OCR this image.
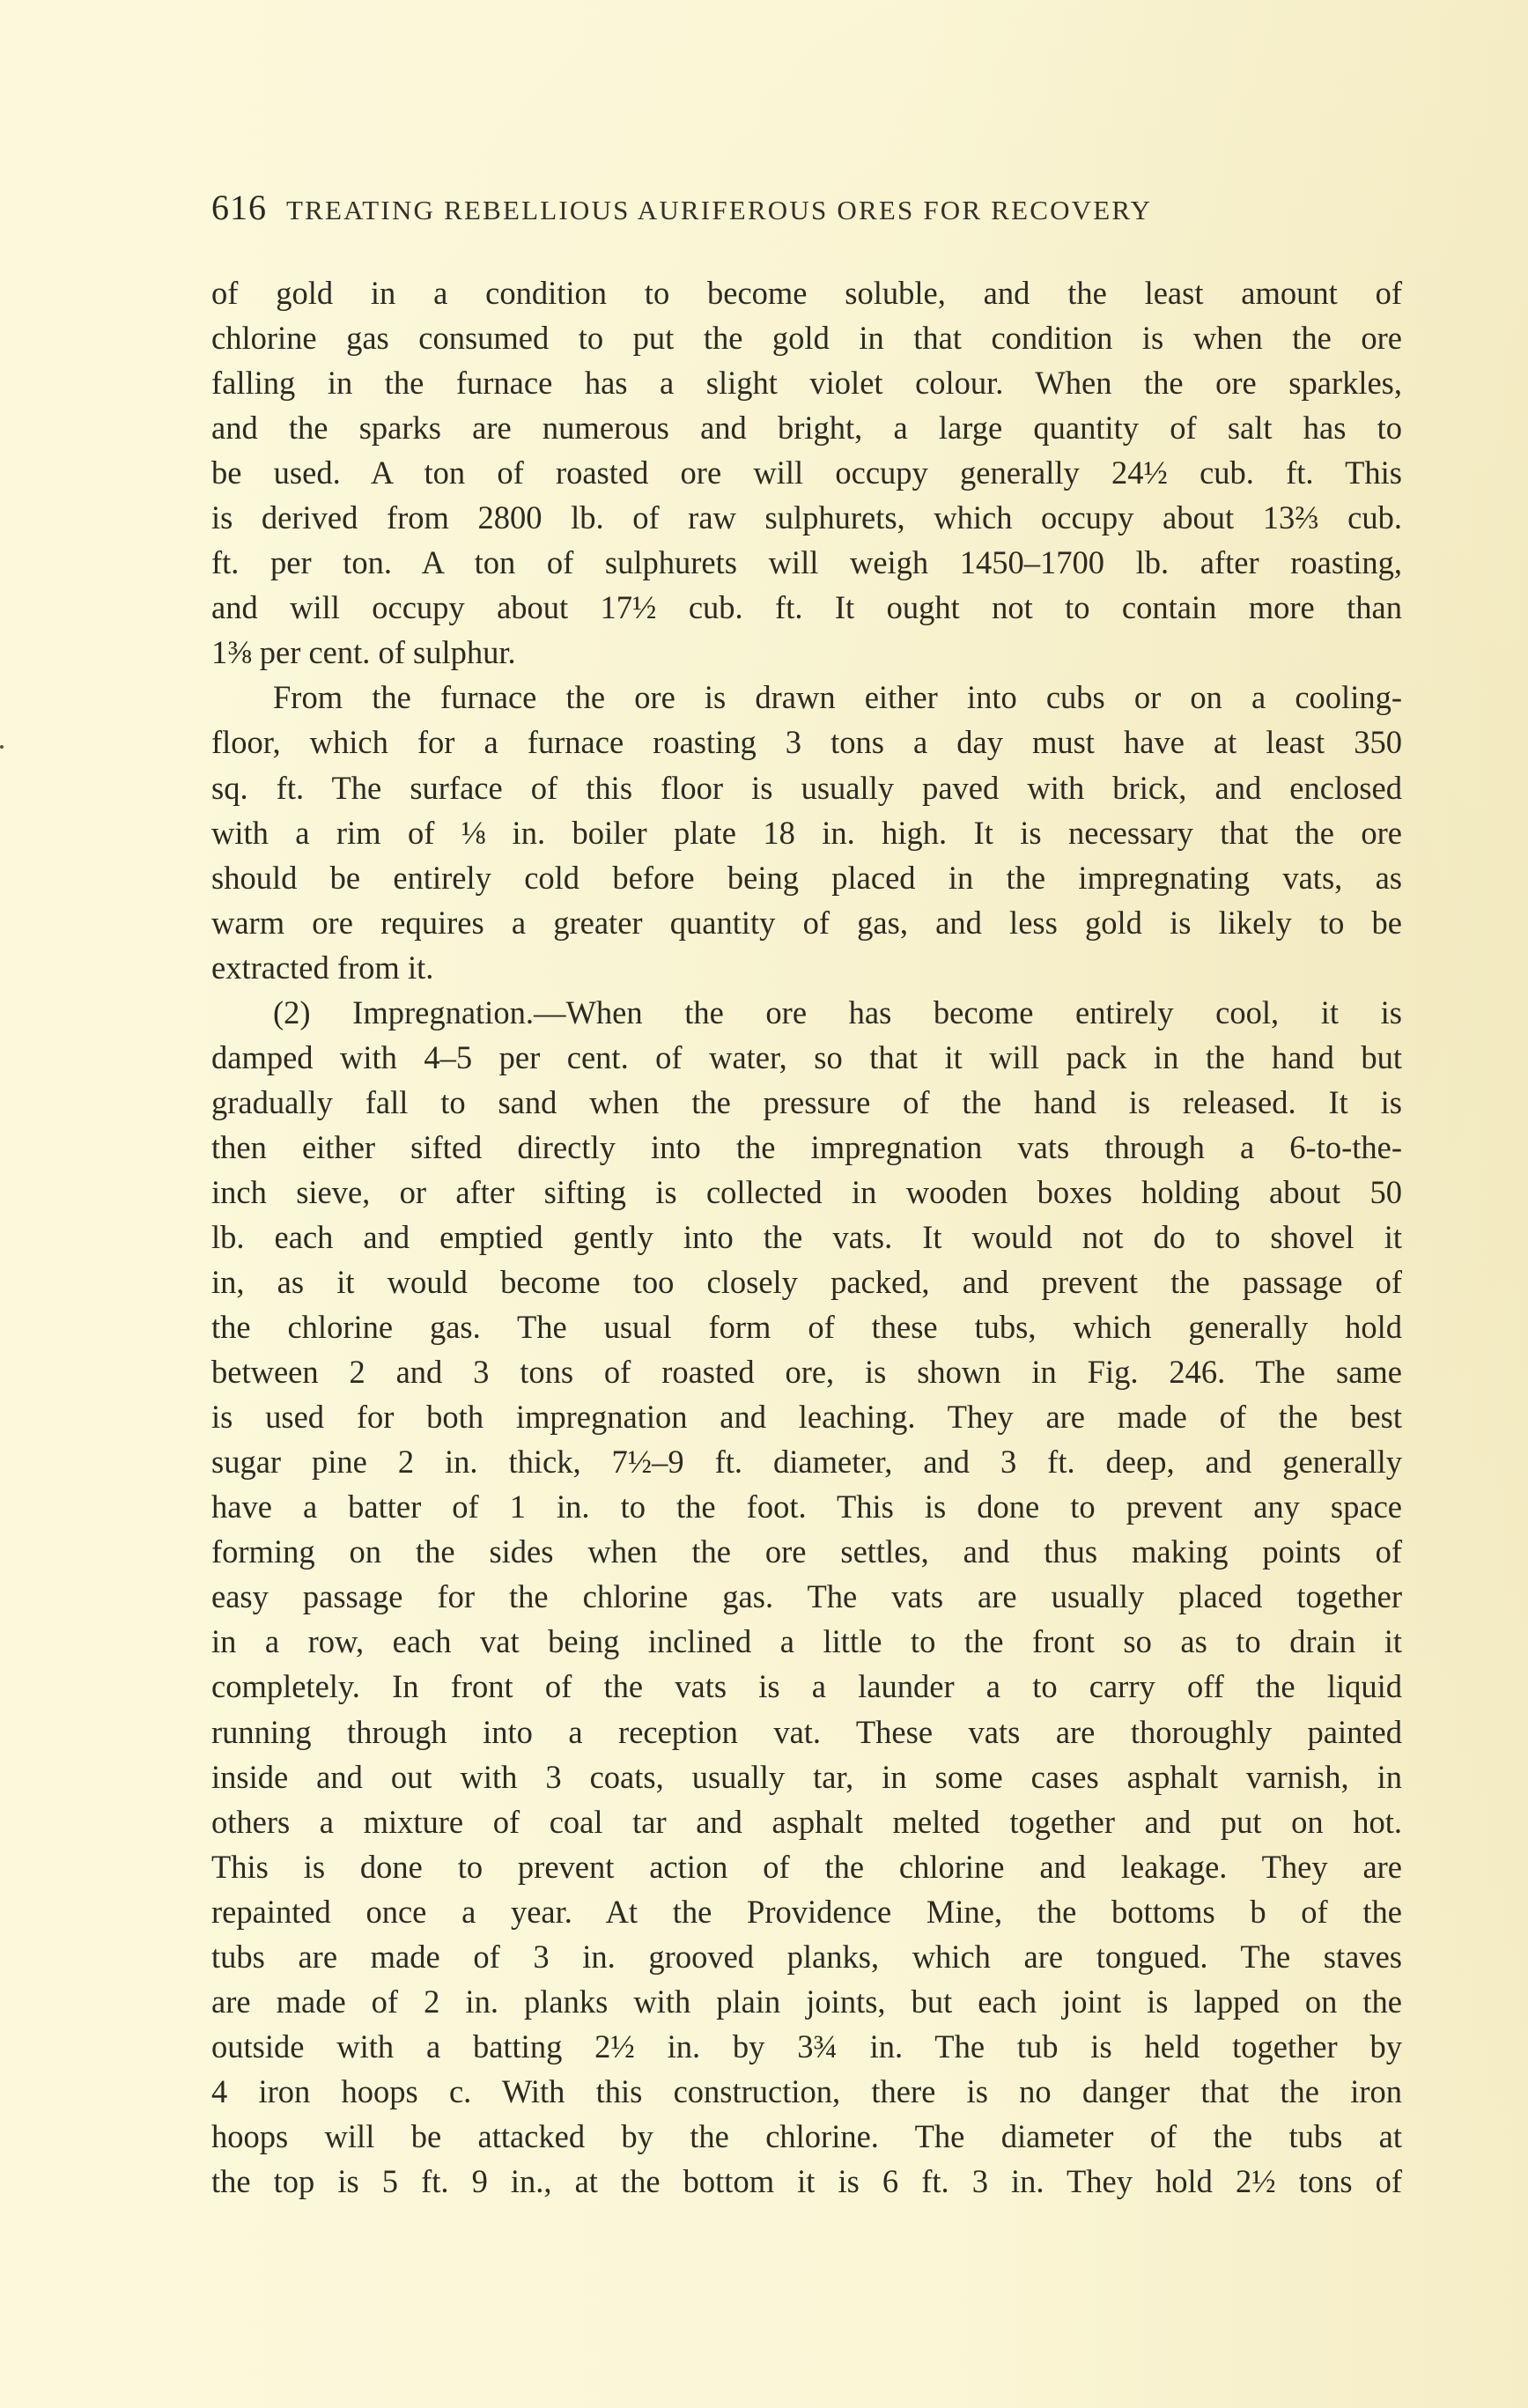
616 TREATING REBELLIOUS AURIFEROUS ORES FOR RECOVERY
of gold in a condition to become soluble, and the least amount of
chlorine gas consumed to put the gold in that condition is when the ore
falling in the furnace has a slight violet colour. When the ore sparkles,
and the sparks are numerous and bright, a large quantity of salt has to
be used. A ton of roasted ore will occupy generally 24½ cub. ft. This
is derived from 2800 lb. of raw sulphurets, which occupy about 13⅔ cub.
ft. per ton. A ton of sulphurets will weigh 1450–1700 lb. after roasting,
and will occupy about 17½ cub. ft. It ought not to contain more than
1⅜ per cent. of sulphur.
From the furnace the ore is drawn either into cubs or on a cooling-
floor, which for a furnace roasting 3 tons a day must have at least 350
sq. ft. The surface of this floor is usually paved with brick, and enclosed
with a rim of ⅛ in. boiler plate 18 in. high. It is necessary that the ore
should be entirely cold before being placed in the impregnating vats, as
warm ore requires a greater quantity of gas, and less gold is likely to be
extracted from it.
(2) Impregnation.—When the ore has become entirely cool, it is
damped with 4–5 per cent. of water, so that it will pack in the hand but
gradually fall to sand when the pressure of the hand is released. It is
then either sifted directly into the impregnation vats through a 6-to-the-
inch sieve, or after sifting is collected in wooden boxes holding about 50
lb. each and emptied gently into the vats. It would not do to shovel it
in, as it would become too closely packed, and prevent the passage of
the chlorine gas. The usual form of these tubs, which generally hold
between 2 and 3 tons of roasted ore, is shown in Fig. 246. The same
is used for both impregnation and leaching. They are made of the best
sugar pine 2 in. thick, 7½–9 ft. diameter, and 3 ft. deep, and generally
have a batter of 1 in. to the foot. This is done to prevent any space
forming on the sides when the ore settles, and thus making points of
easy passage for the chlorine gas. The vats are usually placed together
in a row, each vat being inclined a little to the front so as to drain it
completely. In front of the vats is a launder a to carry off the liquid
running through into a reception vat. These vats are thoroughly painted
inside and out with 3 coats, usually tar, in some cases asphalt varnish, in
others a mixture of coal tar and asphalt melted together and put on hot.
This is done to prevent action of the chlorine and leakage. They are
repainted once a year. At the Providence Mine, the bottoms b of the
tubs are made of 3 in. grooved planks, which are tongued. The staves
are made of 2 in. planks with plain joints, but each joint is lapped on the
outside with a batting 2½ in. by 3¾ in. The tub is held together by
4 iron hoops c. With this construction, there is no danger that the iron
hoops will be attacked by the chlorine. The diameter of the tubs at
the top is 5 ft. 9 in., at the bottom it is 6 ft. 3 in. They hold 2½ tons of
